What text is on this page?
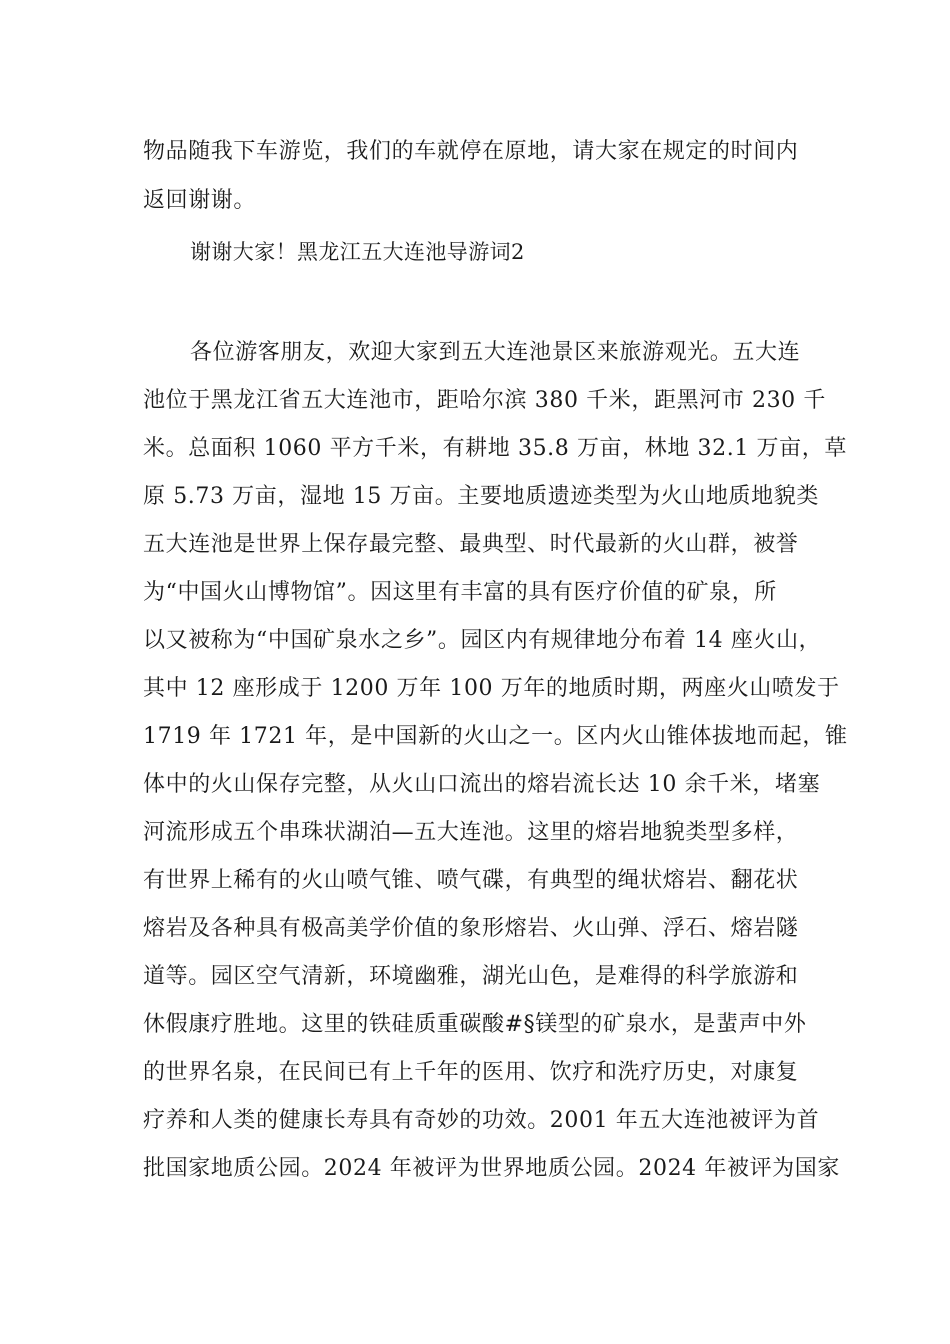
物品随我下车游览，我们的车就停在原地，请大家在规定的时间内
返回谢谢。
谢谢大家！黑龙江五大连池导游词2
各位游客朋友，欢迎大家到五大连池景区来旅游观光。五大连
池位于黑龙江省五大连池市，距哈尔滨 380 千米，距黑河市 230 千
米。总面积 1060 平方千米，有耕地 35.8 万亩，林地 32.1 万亩，草
原 5.73 万亩，湿地 15 万亩。主要地质遗迹类型为火山地质地貌类
五大连池是世界上保存最完整、最典型、时代最新的火山群，被誉
为“中国火山博物馆”。因这里有丰富的具有医疗价值的矿泉，所
以又被称为“中国矿泉水之乡”。园区内有规律地分布着 14 座火山，
其中 12 座形成于 1200 万年 100 万年的地质时期，两座火山喷发于
1719 年 1721 年，是中国新的火山之一。区内火山锥体拔地而起，锥
体中的火山保存完整，从火山口流出的熔岩流长达 10 余千米，堵塞
河流形成五个串珠状湖泊—五大连池。这里的熔岩地貌类型多样，
有世界上稀有的火山喷气锥、喷气碟，有典型的绳状熔岩、翻花状
熔岩及各种具有极高美学价值的象形熔岩、火山弹、浮石、熔岩隧
道等。园区空气清新，环境幽雅，湖光山色，是难得的科学旅游和
休假康疗胜地。这里的铁硅质重碳酸#§镁型的矿泉水，是蜚声中外
的世界名泉，在民间已有上千年的医用、饮疗和洗疗历史，对康复
疗养和人类的健康长寿具有奇妙的功效。2001 年五大连池被评为首
批国家地质公园。2024 年被评为世界地质公园。2024 年被评为国家
